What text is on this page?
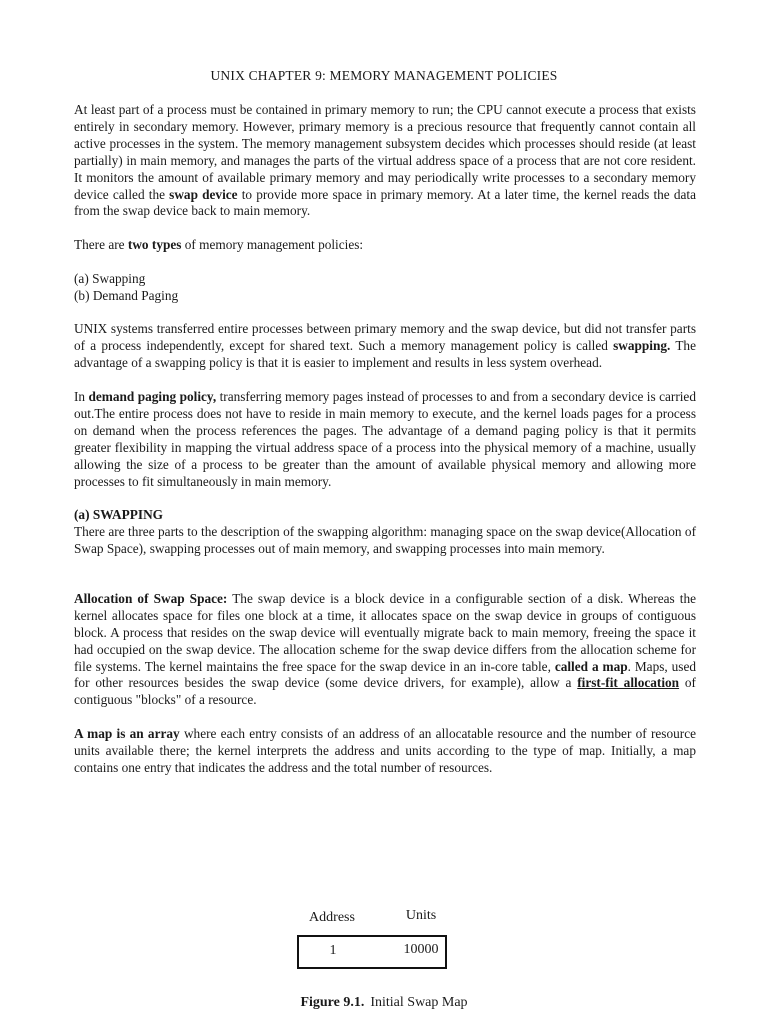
UNIX CHAPTER 9: MEMORY MANAGEMENT POLICIES

At least part of a process must be contained in primary memory to run; the CPU cannot execute a process that exists entirely in secondary memory. However, primary memory is a precious resource that frequently cannot contain all active processes in the system. The memory management subsystem decides which processes should reside (at least partially) in main memory, and manages the parts of the virtual address space of a process that are not core resident. It monitors the amount of available primary memory and may periodically write processes to a secondary memory device called the swap device to provide more space in primary memory. At a later time, the kernel reads the data from the swap device back to main memory.

There are two types of memory management policies:

(a) Swapping

(b) Demand Paging

UNIX systems transferred entire processes between primary memory and the swap device, but did not transfer parts of a process independently, except for shared text. Such a memory management policy is called swapping. The advantage of a swapping policy is that it is easier to implement and results in less system overhead.

In demand paging policy, transferring memory pages instead of processes to and from a secondary device is carried out.The entire process does not have to reside in main memory to execute, and the kernel loads pages for a process on demand when the process references the pages. The advantage of a demand paging policy is that it permits greater flexibility in mapping the virtual address space of a process into the physical memory of a machine, usually allowing the size of a process to be greater than the amount of available physical memory and allowing more processes to fit simultaneously in main memory.

(a) SWAPPING

There are three parts to the description of the swapping algorithm: managing space on the swap device(Allocation of Swap Space), swapping processes out of main memory, and swapping processes into main memory.

Allocation of Swap Space: The swap device is a block device in a configurable section of a disk. Whereas the kernel allocates space for files one block at a time, it allocates space on the swap device in groups of contiguous block. A process that resides on the swap device will eventually migrate back to main memory, freeing the space it had occupied on the swap device. The allocation scheme for the swap device differs from the allocation scheme for file systems. The kernel maintains the free space for the swap device in an in-core table, called a map. Maps, used for other resources besides the swap device (some device drivers, for example), allow a first-fit allocation of contiguous "blocks" of a resource.

A map is an array where each entry consists of an address of an allocatable resource and the number of resource units available there; the kernel interprets the address and units according to the type of map. Initially, a map contains one entry that indicates the address and the total number of resources.

Address	Units
1	10000
Figure 9.1. Initial Swap Map
